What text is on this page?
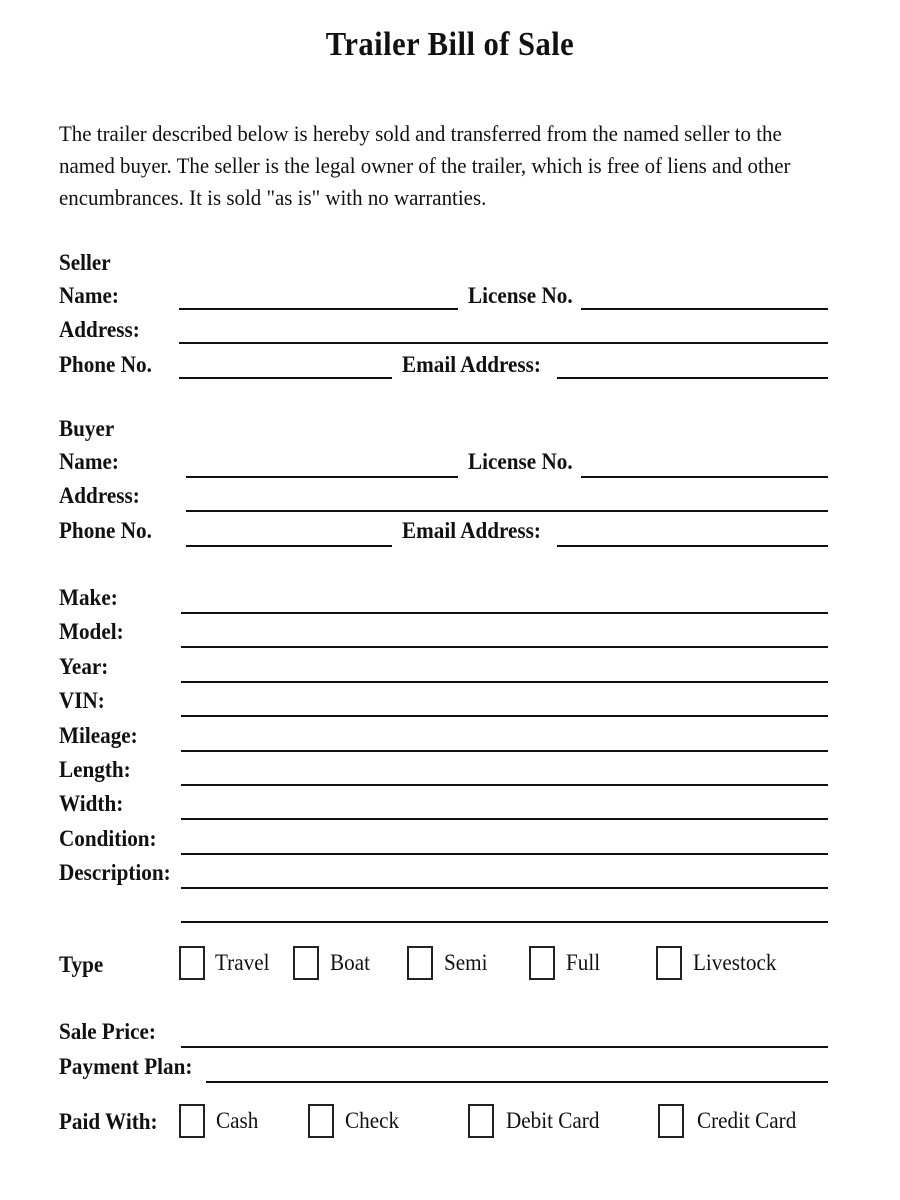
Trailer Bill of Sale
The trailer described below is hereby sold and transferred from the named seller to the
named buyer. The seller is the legal owner of the trailer, which is free of liens and other
encumbrances. It is sold "as is" with no warranties.
Seller
Name:	License No.
Address:
Phone No.	Email Address:
Buyer
Name:	License No.
Address:
Phone No.	Email Address:
Make:
Model:
Year:
VIN:
Mileage:
Length:
Width:
Condition:
Description:
Type	Travel	Boat	Semi	Full	Livestock
Sale Price:
Payment Plan:
Paid With:	Cash	Check	Debit Card	Credit Card
